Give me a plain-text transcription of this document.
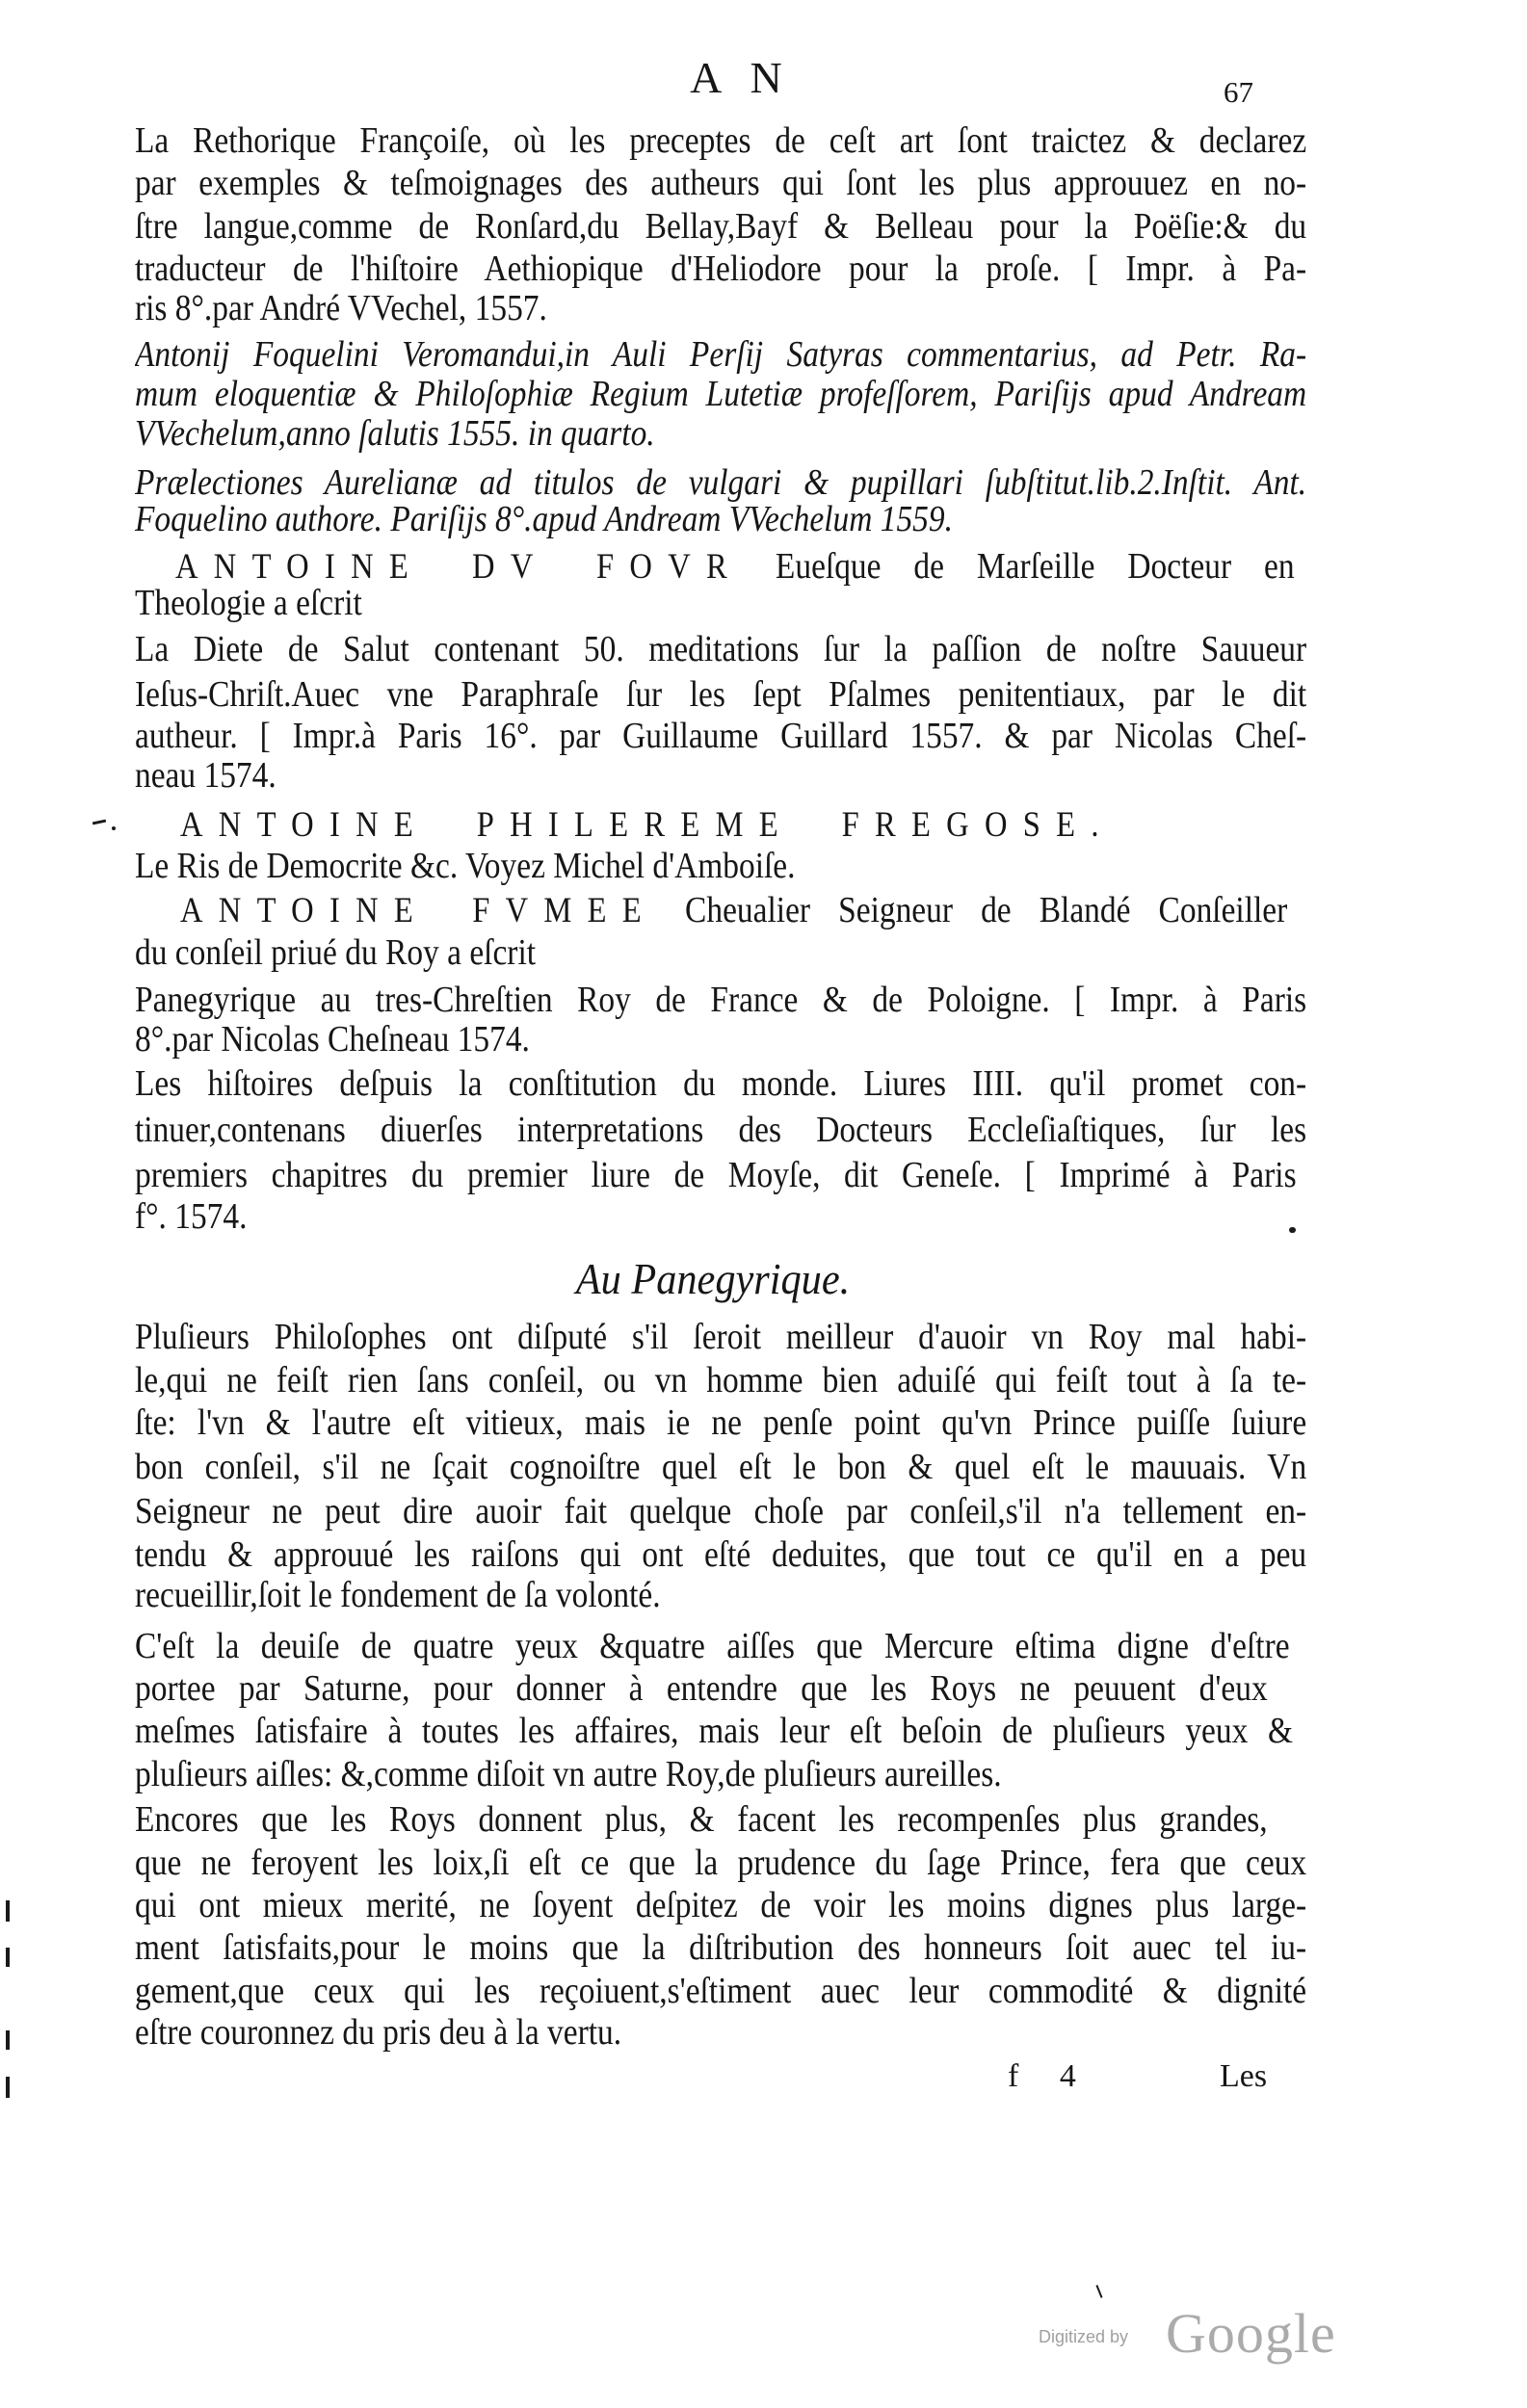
A N	67
La Rethorique Françoiſe, où les preceptes de ceſt art ſont traictez & declarez
par exemples & teſmoignages des autheurs qui ſont les plus approuuez en no-
ſtre langue,comme de Ronſard,du Bellay,Bayf & Belleau pour la Poëſie:& du
traducteur de l'hiſtoire Aethiopique d'Heliodore pour la proſe. [ Impr. à Pa-
ris 8°.par André VVechel, 1557.
Antonij Foquelini Veromandui,in Auli Perſij Satyras commentarius, ad Petr. Ra-
mum eloquentiæ & Philoſophiæ Regium Lutetiæ profeſſorem, Pariſijs apud Andream
VVechelum,anno ſalutis 1555. in quarto.
Prælectiones Aurelianæ ad titulos de vulgari & pupillari ſubſtitut.lib.2.Inſtit. Ant.
Foquelino authore. Pariſijs 8°.apud Andream VVechelum 1559.
ANTOINE DV FOVR Eueſque de Marſeille Docteur en
Theologie a eſcrit
La Diete de Salut contenant 50. meditations ſur la paſſion de noſtre Sauueur
Ieſus-Chriſt.Auec vne Paraphraſe ſur les ſept Pſalmes penitentiaux, par le dit
autheur. [ Impr.à Paris 16°. par Guillaume Guillard 1557. & par Nicolas Cheſ-
neau 1574.
ANTOINE PHILEREME FREGOSE.
Le Ris de Democrite &c. Voyez Michel d'Amboiſe.
ANTOINE FVMEE Cheualier Seigneur de Blandé Conſeiller
du conſeil priué du Roy a eſcrit
Panegyrique au tres-Chreſtien Roy de France & de Poloigne. [ Impr. à Paris
8°.par Nicolas Cheſneau 1574.
Les hiſtoires deſpuis la conſtitution du monde. Liures IIII. qu'il promet con-
tinuer,contenans diuerſes interpretations des Docteurs Eccleſiaſtiques, ſur les
premiers chapitres du premier liure de Moyſe, dit Geneſe. [ Imprimé à Paris
f°. 1574.
Au Panegyrique.
Pluſieurs Philoſophes ont diſputé s'il ſeroit meilleur d'auoir vn Roy mal habi-
le,qui ne feiſt rien ſans conſeil, ou vn homme bien aduiſé qui feiſt tout à ſa te-
ſte: l'vn & l'autre eſt vitieux, mais ie ne penſe point qu'vn Prince puiſſe ſuiure
bon conſeil, s'il ne ſçait cognoiſtre quel eſt le bon & quel eſt le mauuais. Vn
Seigneur ne peut dire auoir fait quelque choſe par conſeil,s'il n'a tellement en-
tendu & approuué les raiſons qui ont eſté deduites, que tout ce qu'il en a peu
recueillir,ſoit le fondement de ſa volonté.
C'eſt la deuiſe de quatre yeux &quatre aiſſes que Mercure eſtima digne d'eſtre
portee par Saturne, pour donner à entendre que les Roys ne peuuent d'eux
meſmes ſatisfaire à toutes les affaires, mais leur eſt beſoin de pluſieurs yeux &
pluſieurs aiſles: &,comme diſoit vn autre Roy,de pluſieurs aureilles.
Encores que les Roys donnent plus, & facent les recompenſes plus grandes,
que ne feroyent les loix,ſi eſt ce que la prudence du ſage Prince, fera que ceux
qui ont mieux merité, ne ſoyent deſpitez de voir les moins dignes plus large-
ment ſatisfaits,pour le moins que la diſtribution des honneurs ſoit auec tel iu-
gement,que ceux qui les reçoiuent,s'eſtiment auec leur commodité & dignité
eſtre couronnez du pris deu à la vertu.
f 4	Les
Digitized by Google
